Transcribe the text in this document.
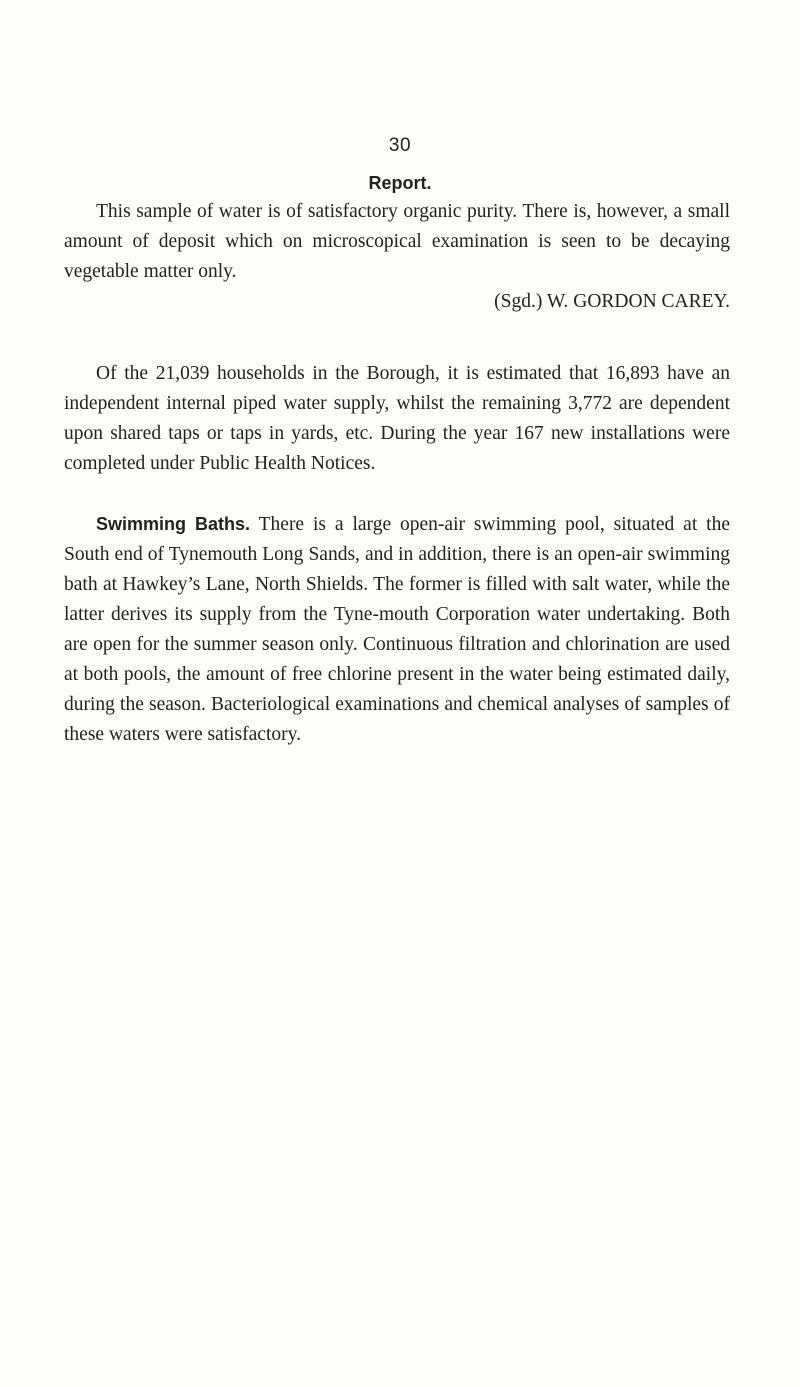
30
Report.

This sample of water is of satisfactory organic purity. There is, however, a small amount of deposit which on microscopical examination is seen to be decaying vegetable matter only.

(Sgd.) W. GORDON CAREY.

Of the 21,039 households in the Borough, it is estimated that 16,893 have an independent internal piped water supply, whilst the remaining 3,772 are dependent upon shared taps or taps in yards, etc. During the year 167 new installations were completed under Public Health Notices.

Swimming Baths. There is a large open-air swimming pool, situated at the South end of Tynemouth Long Sands, and in addition, there is an open-air swimming bath at Hawkey’s Lane, North Shields. The former is filled with salt water, while the latter derives its supply from the Tyne-mouth Corporation water undertaking. Both are open for the summer season only. Continuous filtration and chlorination are used at both pools, the amount of free chlorine present in the water being estimated daily, during the season. Bacteriological examinations and chemical analyses of samples of these waters were satisfactory.
